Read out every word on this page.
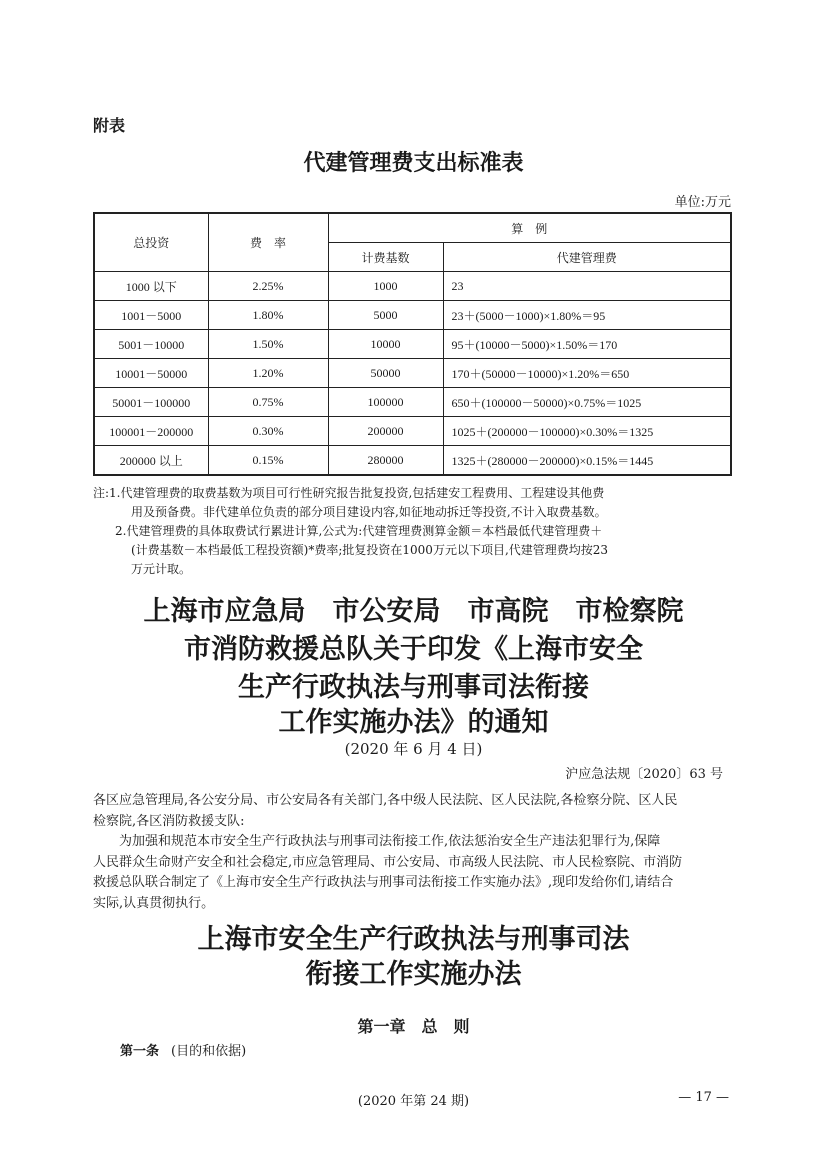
附表
代建管理费支出标准表
单位:万元
总投资	费　率	算　例	
		计费基数	代建管理费
1000 以下	2.25%	1000	23
1001－5000	1.80%	5000	23＋(5000－1000)×1.80%＝95
5001－10000	1.50%	10000	95＋(10000－5000)×1.50%＝170
10001－50000	1.20%	50000	170＋(50000－10000)×1.20%＝650
50001－100000	0.75%	100000	650＋(100000－50000)×0.75%＝1025
100001－200000	0.30%	200000	1025＋(200000－100000)×0.30%＝1325
200000 以上	0.15%	280000	1325＋(280000－200000)×0.15%＝1445

注:1.代建管理费的取费基数为项目可行性研究报告批复投资,包括建安工程费用、工程建设其他费

用及预备费。非代建单位负责的部分项目建设内容,如征地动拆迁等投资,不计入取费基数。

2.代建管理费的具体取费试行累进计算,公式为:代建管理费测算金额＝本档最低代建管理费＋

(计费基数－本档最低工程投资额)*费率;批复投资在1000万元以下项目,代建管理费均按23

万元计取。

上海市应急局　市公安局　市高院　市检察院
市消防救援总队关于印发《上海市安全
生产行政执法与刑事司法衔接
工作实施办法》的通知
(2020 年 6 月 4 日)
沪应急法规〔2020〕63 号

各区应急管理局,各公安分局、市公安局各有关部门,各中级人民法院、区人民法院,各检察分院、区人民

检察院,各区消防救援支队:

为加强和规范本市安全生产行政执法与刑事司法衔接工作,依法惩治安全生产违法犯罪行为,保障

人民群众生命财产安全和社会稳定,市应急管理局、市公安局、市高级人民法院、市人民检察院、市消防

救援总队联合制定了《上海市安全生产行政执法与刑事司法衔接工作实施办法》,现印发给你们,请结合

实际,认真贯彻执行。

上海市安全生产行政执法与刑事司法
衔接工作实施办法
第一章　总　则
第一条 (目的和依据)
(2020 年第 24 期)	— 17 —
